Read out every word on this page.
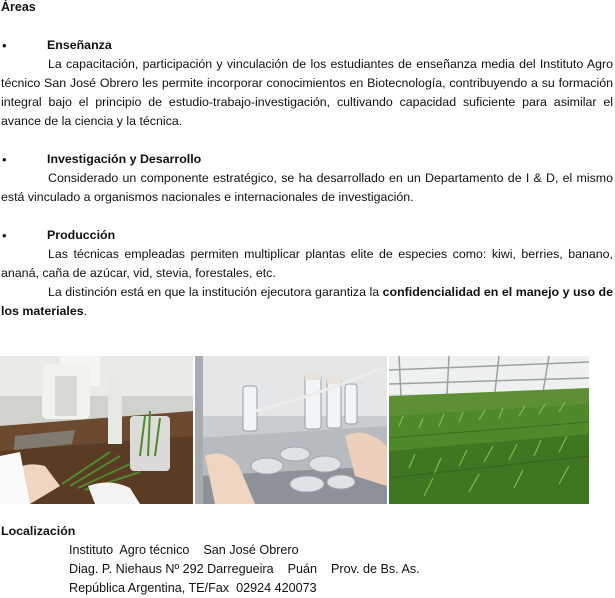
Áreas
•	Enseñanza

La capacitación, participación y vinculación de los estudiantes de enseñanza media del Instituto Agro técnico San José Obrero les permite incorporar conocimientos en Biotecnología, contribuyendo a su formación integral bajo el principio de estudio-trabajo-investigación, cultivando capacidad suficiente para asimilar el avance de la ciencia y la técnica.

•	Investigación y Desarrollo

Considerado un componente estratégico, se ha desarrollado en un Departamento de I & D, el mismo está vinculado a organismos nacionales e internacionales de investigación.

•	Producción

Las técnicas empleadas permiten multiplicar plantas elite de especies como: kiwi, berries, banano, ananá, caña de azúcar, vid, stevia, forestales, etc.

La distinción está en que la institución ejecutora garantiza la confidencialidad en el manejo y uso de los materiales.

Localización
Instituto  Agro técnico    San José Obrero
Diag. P. Niehaus Nº 292 Darregueira    Puán    Prov. de Bs. As.
República Argentina, TE/Fax  02924 420073
